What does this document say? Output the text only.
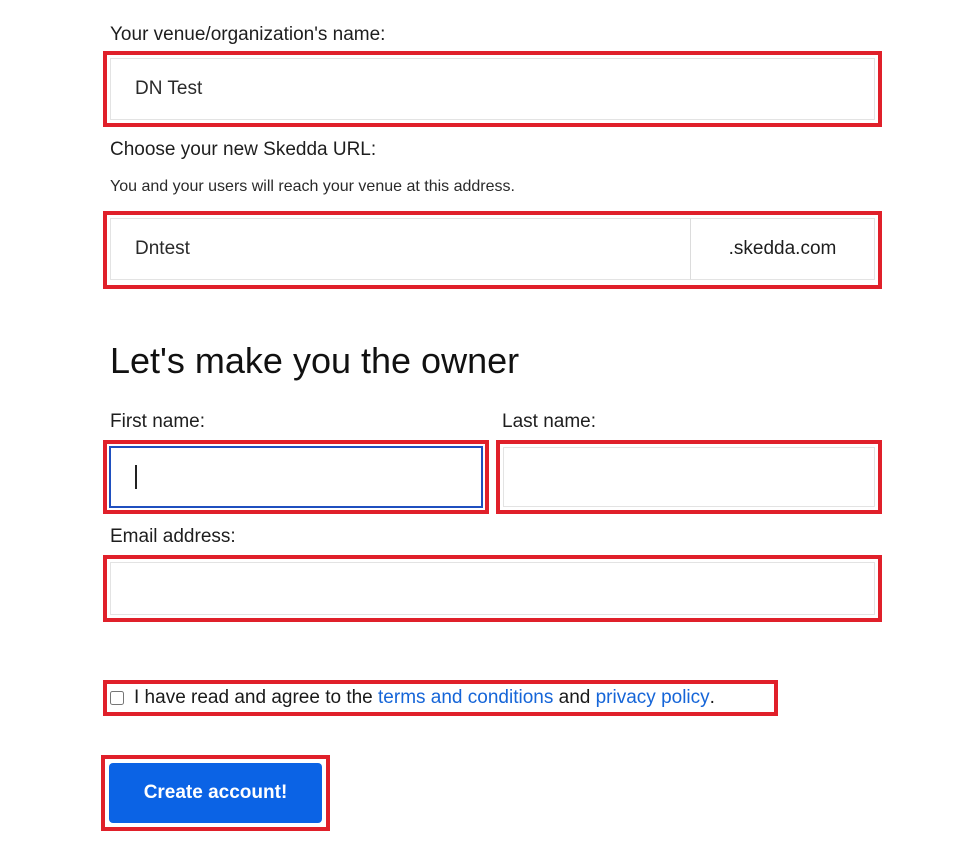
Your venue/organization's name:
DN Test
Choose your new Skedda URL:
You and your users will reach your venue at this address.
Dntest
.skedda.com
Let's make you the owner
First name:	Last name:
Email address:
I have read and agree to the terms and conditions and privacy policy .
Create account!
